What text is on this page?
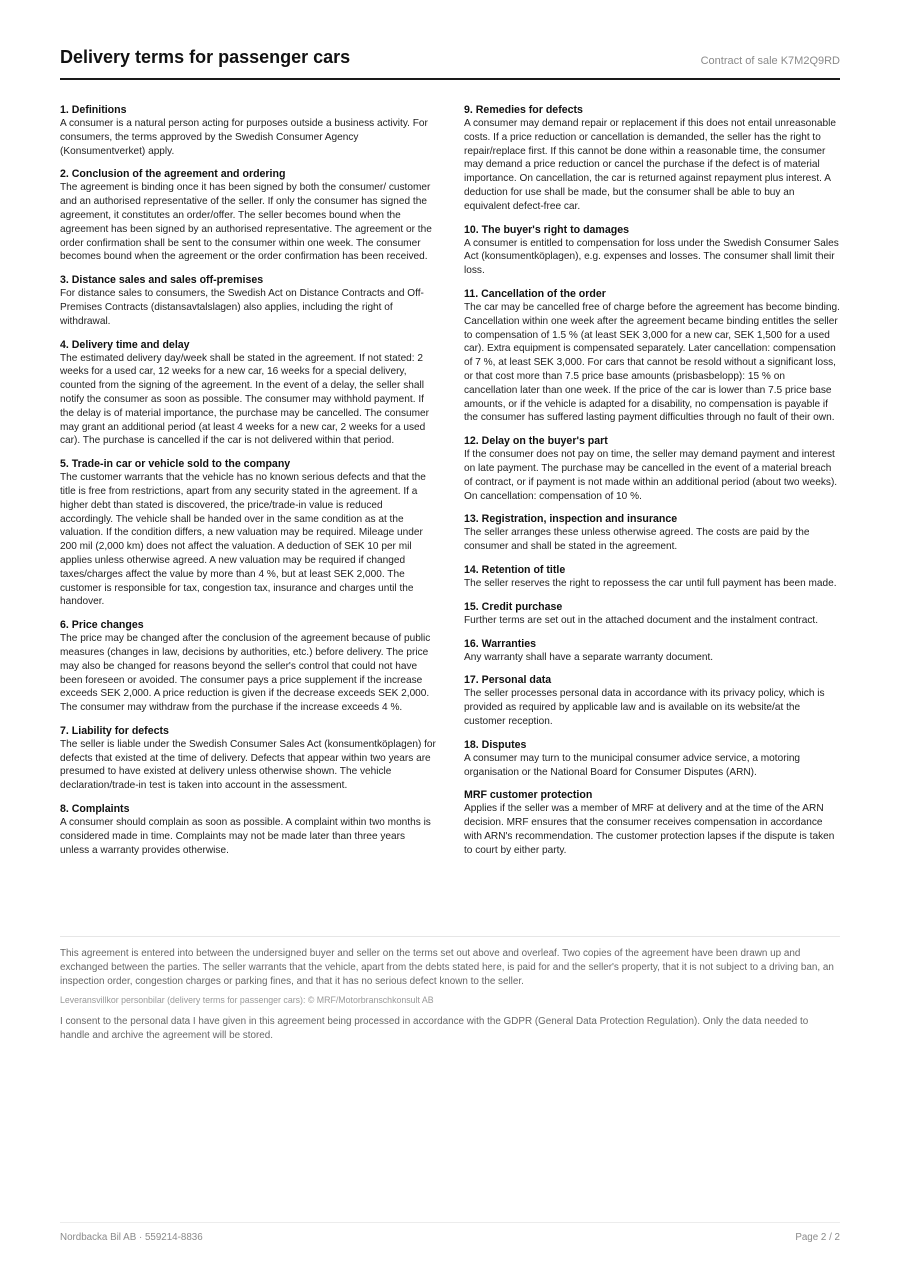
Delivery terms for passenger cars	Contract of sale K7M2Q9RD
1. Definitions

A consumer is a natural person acting for purposes outside a business activity. For consumers, the terms approved by the Swedish Consumer Agency (Konsumentverket) apply.

2. Conclusion of the agreement and ordering

The agreement is binding once it has been signed by both the consumer/ customer and an authorised representative of the seller. If only the consumer has signed the agreement, it constitutes an order/offer. The seller becomes bound when the agreement has been signed by an authorised representative. The agreement or the order confirmation shall be sent to the consumer within one week. The consumer becomes bound when the agreement or the order confirmation has been received.

3. Distance sales and sales off-premises

For distance sales to consumers, the Swedish Act on Distance Contracts and Off-Premises Contracts (distansavtalslagen) also applies, including the right of withdrawal.

4. Delivery time and delay

The estimated delivery day/week shall be stated in the agreement. If not stated: 2 weeks for a used car, 12 weeks for a new car, 16 weeks for a special delivery, counted from the signing of the agreement. In the event of a delay, the seller shall notify the consumer as soon as possible. The consumer may withhold payment. If the delay is of material importance, the purchase may be cancelled. The consumer may grant an additional period (at least 4 weeks for a new car, 2 weeks for a used car). The purchase is cancelled if the car is not delivered within that period.

5. Trade-in car or vehicle sold to the company

The customer warrants that the vehicle has no known serious defects and that the title is free from restrictions, apart from any security stated in the agreement. If a higher debt than stated is discovered, the price/trade-in value is reduced accordingly. The vehicle shall be handed over in the same condition as at the valuation. If the condition differs, a new valuation may be required. Mileage under 200 mil (2,000 km) does not affect the valuation. A deduction of SEK 10 per mil applies unless otherwise agreed. A new valuation may be required if changed taxes/charges affect the value by more than 4 %, but at least SEK 2,000. The customer is responsible for tax, congestion tax, insurance and charges until the handover.

6. Price changes

The price may be changed after the conclusion of the agreement because of public measures (changes in law, decisions by authorities, etc.) before delivery. The price may also be changed for reasons beyond the seller's control that could not have been foreseen or avoided. The consumer pays a price supplement if the increase exceeds SEK 2,000. A price reduction is given if the decrease exceeds SEK 2,000. The consumer may withdraw from the purchase if the increase exceeds 4 %.

7. Liability for defects

The seller is liable under the Swedish Consumer Sales Act (konsumentköplagen) for defects that existed at the time of delivery. Defects that appear within two years are presumed to have existed at delivery unless otherwise shown. The vehicle declaration/trade-in test is taken into account in the assessment.

8. Complaints

A consumer should complain as soon as possible. A complaint within two months is considered made in time. Complaints may not be made later than three years unless a warranty provides otherwise.

9. Remedies for defects

A consumer may demand repair or replacement if this does not entail unreasonable costs. If a price reduction or cancellation is demanded, the seller has the right to repair/replace first. If this cannot be done within a reasonable time, the consumer may demand a price reduction or cancel the purchase if the defect is of material importance. On cancellation, the car is returned against repayment plus interest. A deduction for use shall be made, but the consumer shall be able to buy an equivalent defect-free car.

10. The buyer's right to damages

A consumer is entitled to compensation for loss under the Swedish Consumer Sales Act (konsumentköplagen), e.g. expenses and losses. The consumer shall limit their loss.

11. Cancellation of the order

The car may be cancelled free of charge before the agreement has become binding. Cancellation within one week after the agreement became binding entitles the seller to compensation of 1.5 % (at least SEK 3,000 for a new car, SEK 1,500 for a used car). Extra equipment is compensated separately. Later cancellation: compensation of 7 %, at least SEK 3,000. For cars that cannot be resold without a significant loss, or that cost more than 7.5 price base amounts (prisbasbelopp): 15 % on cancellation later than one week. If the price of the car is lower than 7.5 price base amounts, or if the vehicle is adapted for a disability, no compensation is payable if the consumer has suffered lasting payment difficulties through no fault of their own.

12. Delay on the buyer's part

If the consumer does not pay on time, the seller may demand payment and interest on late payment. The purchase may be cancelled in the event of a material breach of contract, or if payment is not made within an additional period (about two weeks). On cancellation: compensation of 10 %.

13. Registration, inspection and insurance

The seller arranges these unless otherwise agreed. The costs are paid by the consumer and shall be stated in the agreement.

14. Retention of title

The seller reserves the right to repossess the car until full payment has been made.

15. Credit purchase

Further terms are set out in the attached document and the instalment contract.

16. Warranties

Any warranty shall have a separate warranty document.

17. Personal data

The seller processes personal data in accordance with its privacy policy, which is provided as required by applicable law and is available on its website/at the customer reception.

18. Disputes

A consumer may turn to the municipal consumer advice service, a motoring organisation or the National Board for Consumer Disputes (ARN).

MRF customer protection

Applies if the seller was a member of MRF at delivery and at the time of the ARN decision. MRF ensures that the consumer receives compensation in accordance with ARN's recommendation. The customer protection lapses if the dispute is taken to court by either party.

This agreement is entered into between the undersigned buyer and seller on the terms set out above and overleaf. Two copies of the agreement have been drawn up and exchanged between the parties. The seller warrants that the vehicle, apart from the debts stated here, is paid for and the seller's property, that it is not subject to a driving ban, an inspection order, congestion charges or parking fines, and that it has no serious defect known to the seller.

Leveransvillkor personbilar (delivery terms for passenger cars): © MRF/Motorbranschkonsult AB

I consent to the personal data I have given in this agreement being processed in accordance with the GDPR (General Data Protection Regulation). Only the data needed to handle and archive the agreement will be stored.

Nordbacka Bil AB · 559214-8836	Page 2 / 2
